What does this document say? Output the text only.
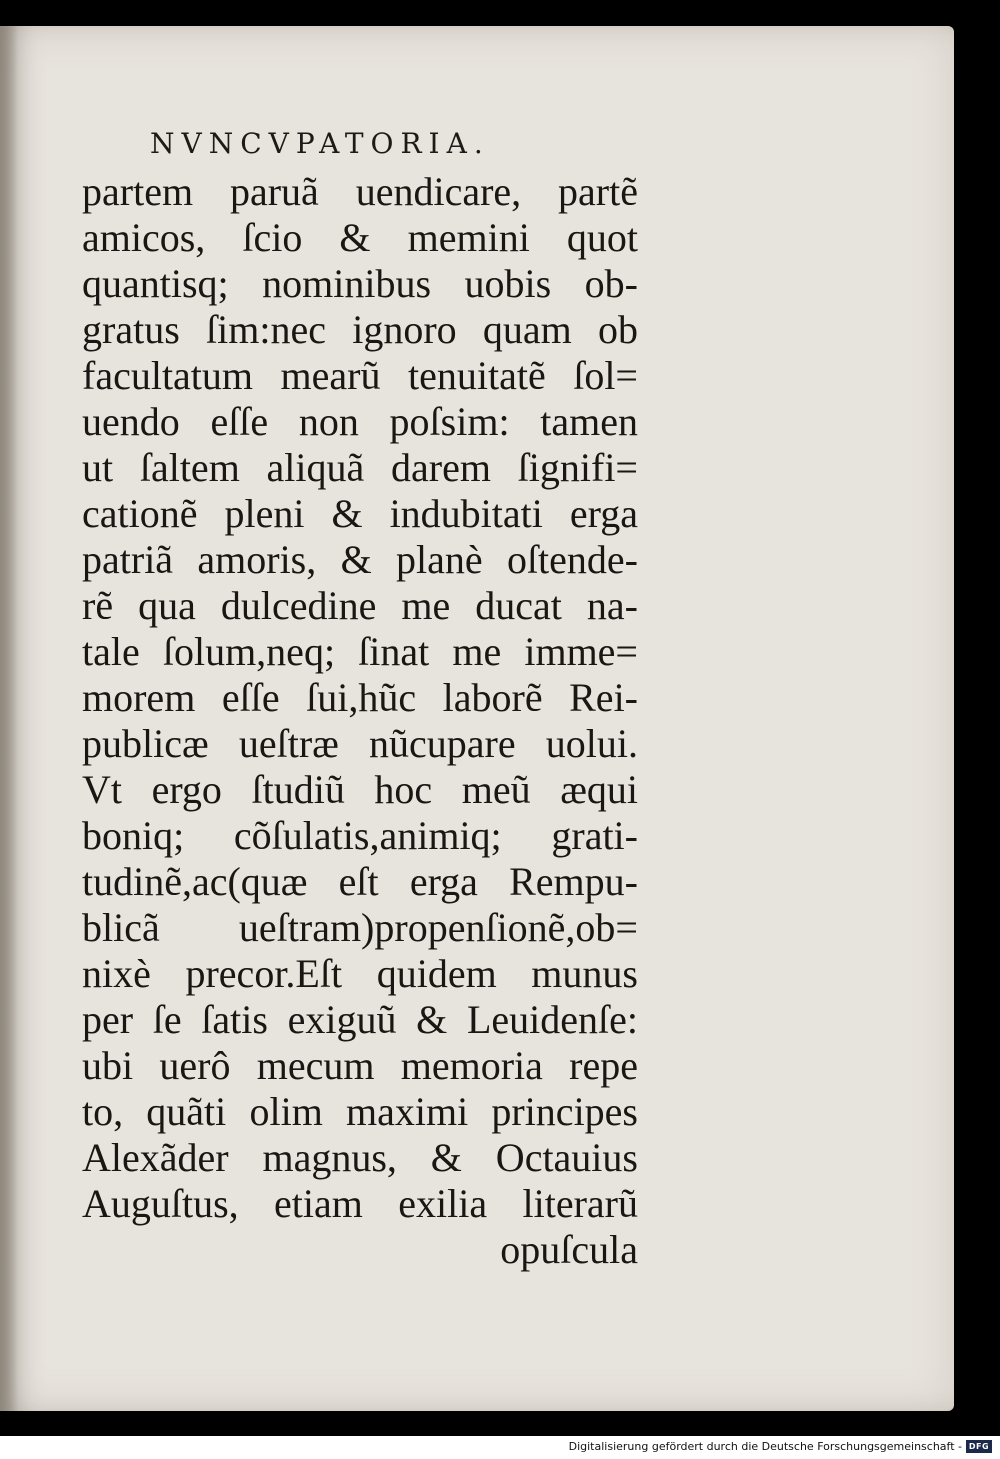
NVNCVPATORIA.
partem paruã uendicare, partẽ
amicos, ſcio & memini quot
quantisq; nominibus uobis ob-
gratus ſim:nec ignoro quam ob
facultatum mearũ tenuitatẽ ſol=
uendo eſſe non poſsim: tamen
ut ſaltem aliquã darem ſignifi=
cationẽ pleni & indubitati erga
patriã amoris, & planè oſtende-
rẽ qua dulcedine me ducat na-
tale ſolum,neq; ſinat me imme=
morem eſſe ſui,hũc laborẽ Rei-
publicæ ueſtræ nũcupare uolui.
Vt ergo ſtudiũ hoc meũ æqui
boniq; cõſulatis,animiq; grati-
tudinẽ,ac(quæ eſt erga Rempu-
blicã ueſtram)propenſionẽ,ob=
nixè precor.Eſt quidem munus
per ſe ſatis exiguũ & Leuidenſe:
ubi uerô mecum memoria repe
to, quãti olim maximi principes
Alexãder magnus, & Octauius
Auguſtus, etiam exilia literarũ
opuſcula
Digitalisierung gefördert durch die Deutsche Forschungsgemeinschaft - DFG
